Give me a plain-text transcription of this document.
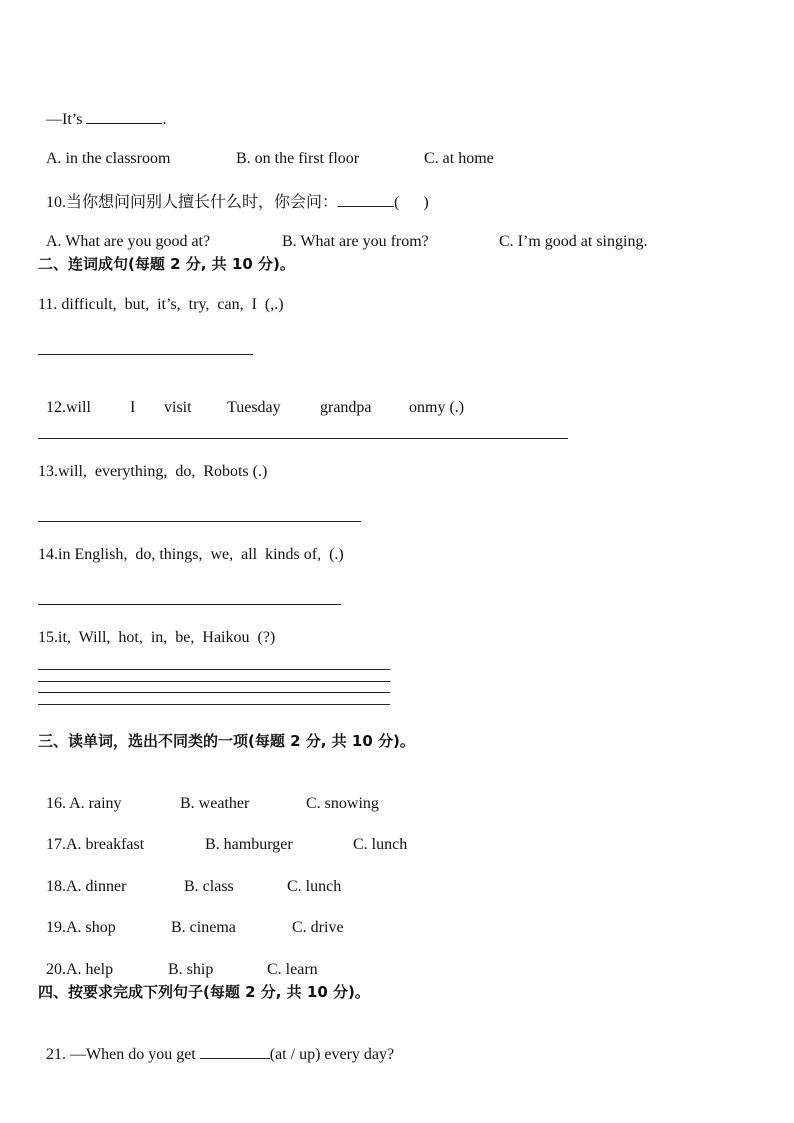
—It’s	.

A. in the classroom	B. on the first floor	C. at home

10.当你想问问别人擅长什么时，你会问：	(      )

A. What are you good at?	B. What are you from?	C. I’m good at singing.

二、连词成句(每题 2 分, 共 10 分)。
11. difficult,  but,  it’s,  try,  can,  I  (,.)

12.will I visit Tuesday grandpa onmy (.)

13.will,  everything,  do,  Robots (.)
14.in English,  do, things,  we,  all  kinds of,  (.)
15.it,  Will,  hot,  in,  be,  Haikou  (?)
三、读单词，选出不同类的一项(每题 2 分, 共 10 分)。

16. A. rainy	B. weather	C. snowing

17.A. breakfast	B. hamburger	C. lunch

18.A. dinner	B. class	C. lunch

19.A. shop	B. cinema	C. drive

20.A. help	B. ship	C. learn

四、按要求完成下列句子(每题 2 分, 共 10 分)。

21. —When do you get	(at / up) every day?
